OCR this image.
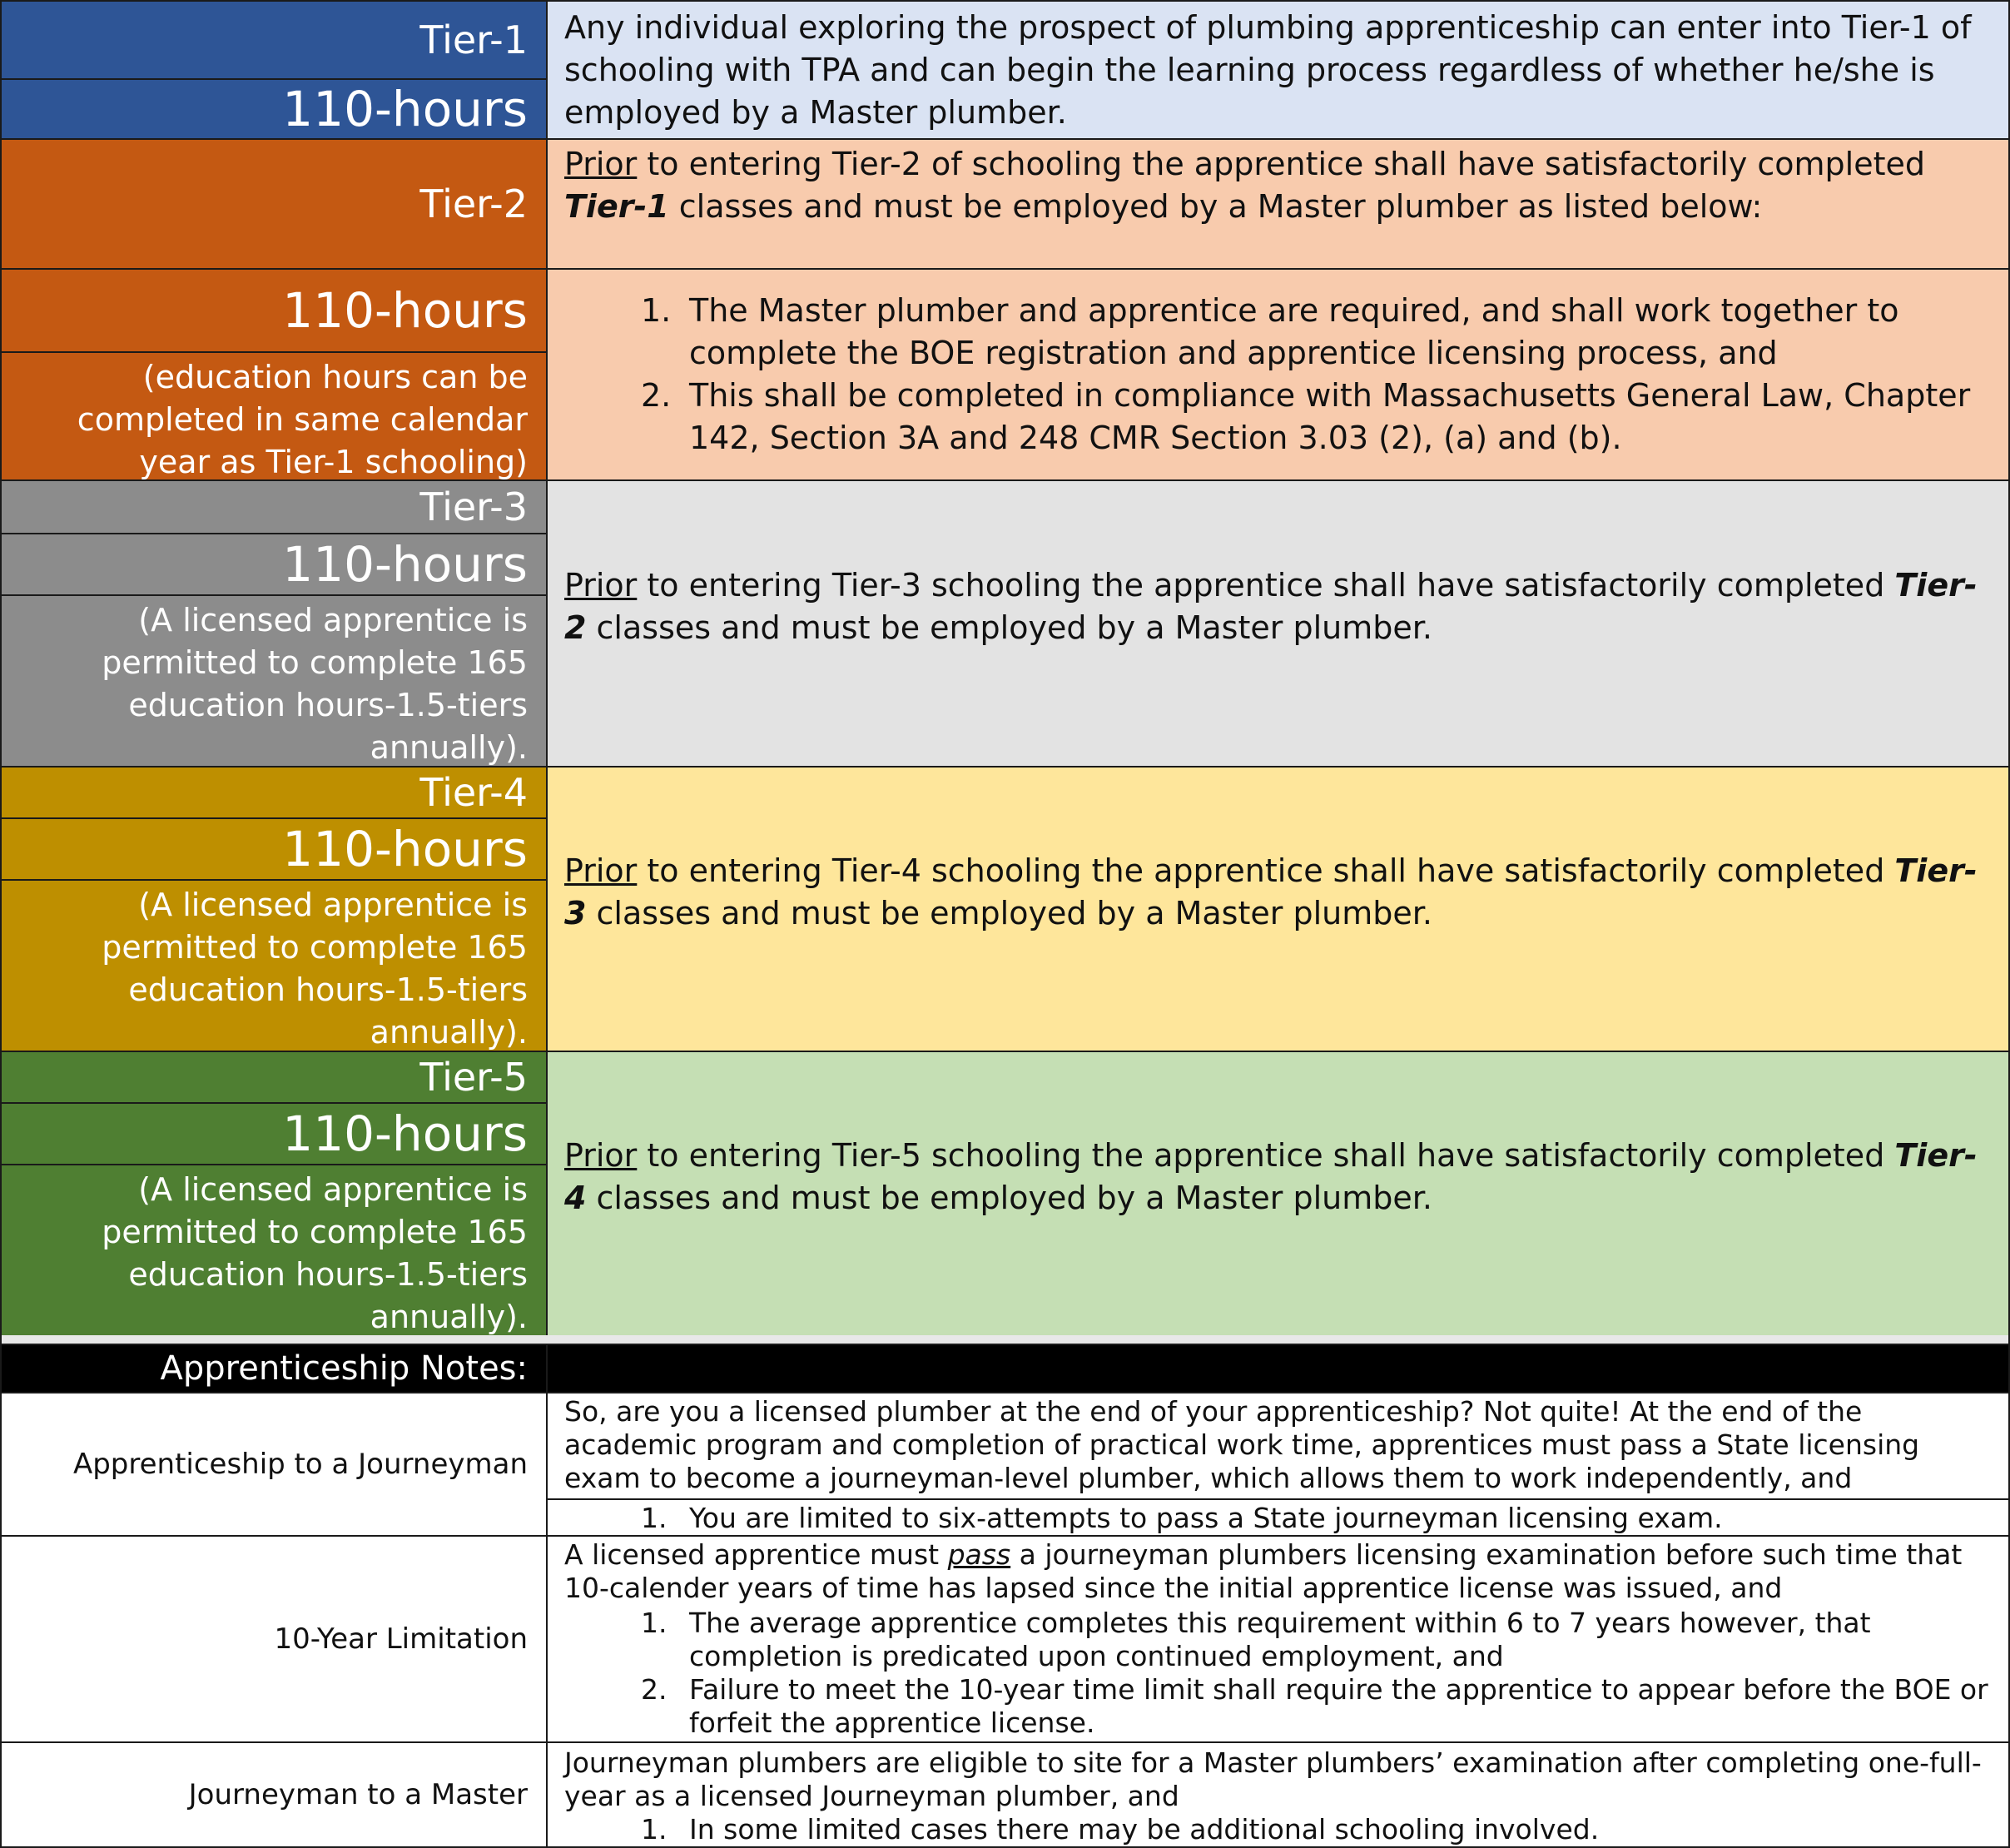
Tier-1
110-hours
Any individual exploring the prospect of plumbing apprenticeship can enter into Tier-1 of schooling with TPA and can begin the learning process regardless of whether he/she is employed by a Master plumber.
Tier-2
Prior to entering Tier-2 of schooling the apprentice shall have satisfactorily completed Tier-1 classes and must be employed by a Master plumber as listed below:
110-hours
(education hours can be completed in same calendar year as Tier-1 schooling)
1. The Master plumber and apprentice are required, and shall work together to complete the BOE registration and apprentice licensing process, and
2. This shall be completed in compliance with Massachusetts General Law, Chapter 142, Section 3A and 248 CMR Section 3.03 (2), (a) and (b).
Tier-3
110-hours
(A licensed apprentice is permitted to complete 165 education hours-1.5-tiers annually).
Prior to entering Tier-3 schooling the apprentice shall have satisfactorily completed Tier-2 classes and must be employed by a Master plumber.
Tier-4
110-hours
(A licensed apprentice is permitted to complete 165 education hours-1.5-tiers annually).
Prior to entering Tier-4 schooling the apprentice shall have satisfactorily completed Tier-3 classes and must be employed by a Master plumber.
Tier-5
110-hours
(A licensed apprentice is permitted to complete 165 education hours-1.5-tiers annually).
Prior to entering Tier-5 schooling the apprentice shall have satisfactorily completed Tier-4 classes and must be employed by a Master plumber.
Apprenticeship Notes:
Apprenticeship to a Journeyman
So, are you a licensed plumber at the end of your apprenticeship? Not quite! At the end of the academic program and completion of practical work time, apprentices must pass a State licensing exam to become a journeyman-level plumber, which allows them to work independently, and
1. You are limited to six-attempts to pass a State journeyman licensing exam.
10-Year Limitation
A licensed apprentice must pass a journeyman plumbers licensing examination before such time that 10-calender years of time has lapsed since the initial apprentice license was issued, and
1. The average apprentice completes this requirement within 6 to 7 years however, that completion is predicated upon continued employment, and
2. Failure to meet the 10-year time limit shall require the apprentice to appear before the BOE or forfeit the apprentice license.
Journeyman to a Master
Journeyman plumbers are eligible to site for a Master plumbers’ examination after completing one-full-year as a licensed Journeyman plumber, and
1. In some limited cases there may be additional schooling involved.
